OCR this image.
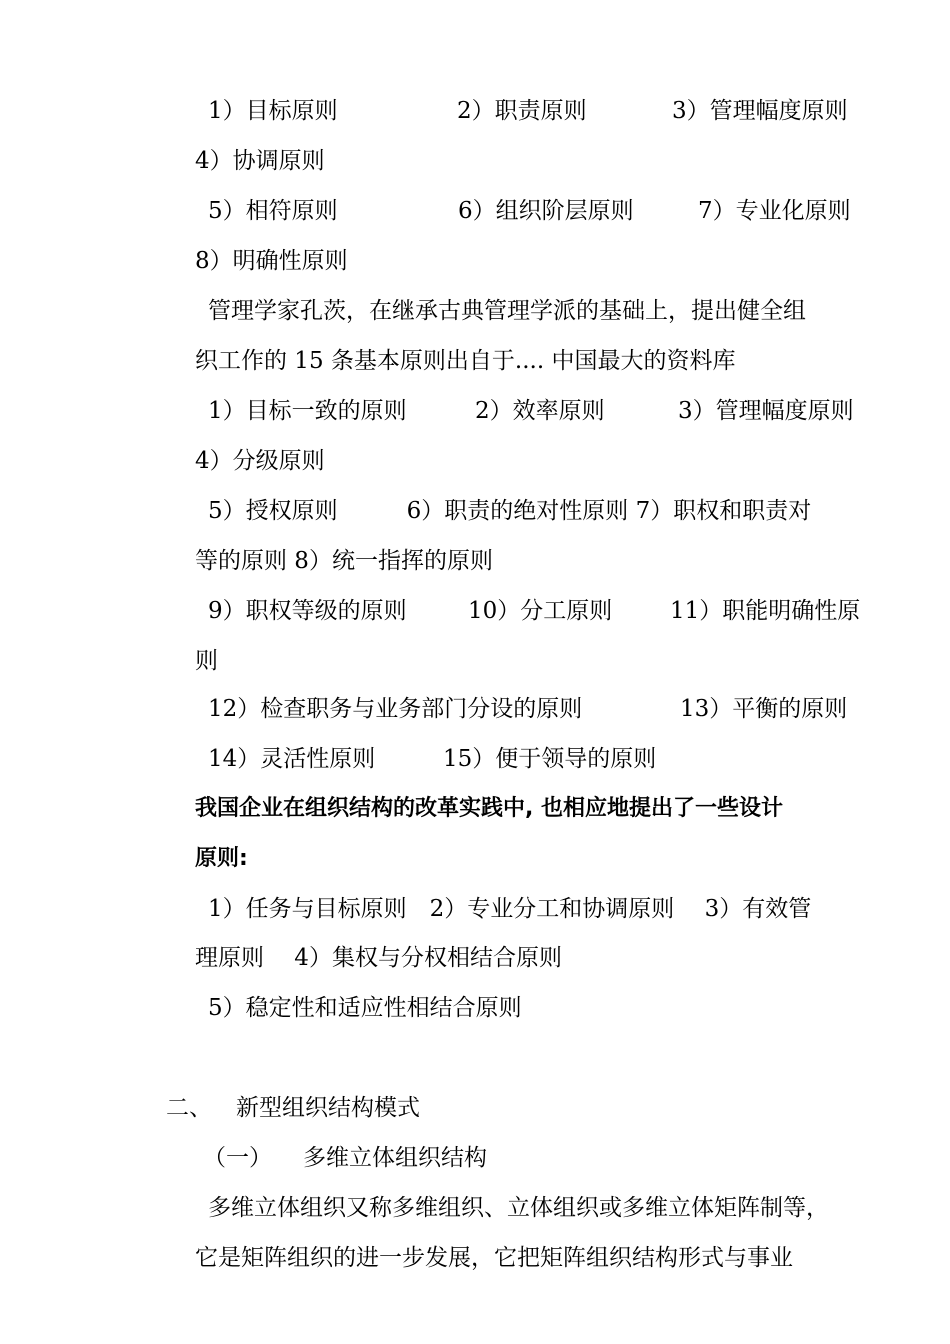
1）目标原则	2）职责原则	3）管理幅度原则
4）协调原则
5）相符原则	6）组织阶层原则	7）专业化原则
8）明确性原则
管理学家孔茨，在继承古典管理学派的基础上，提出健全组
织工作的 15 条基本原则出自于.... 中国最大的资料库
1）目标一致的原则	2）效率原则	3）管理幅度原则
4）分级原则
5）授权原则　　　6）职责的绝对性原则 7）职权和职责对
等的原则 8）统一指挥的原则
9）职权等级的原则	10）分工原则	11）职能明确性原
则
12）检查职务与业务部门分设的原则	13）平衡的原则
14）灵活性原则	15）便于领导的原则
我国企业在组织结构的改革实践中, 也相应地提出了一些设计
原则:
1）任务与目标原则　2）专业分工和协调原则　 3）有效管
理原则　 4）集权与分权相结合原则
5）稳定性和适应性相结合原则
二、 新型组织结构模式
（一） 多维立体组织结构
多维立体组织又称多维组织、立体组织或多维立体矩阵制等，
它是矩阵组织的进一步发展，它把矩阵组织结构形式与事业
